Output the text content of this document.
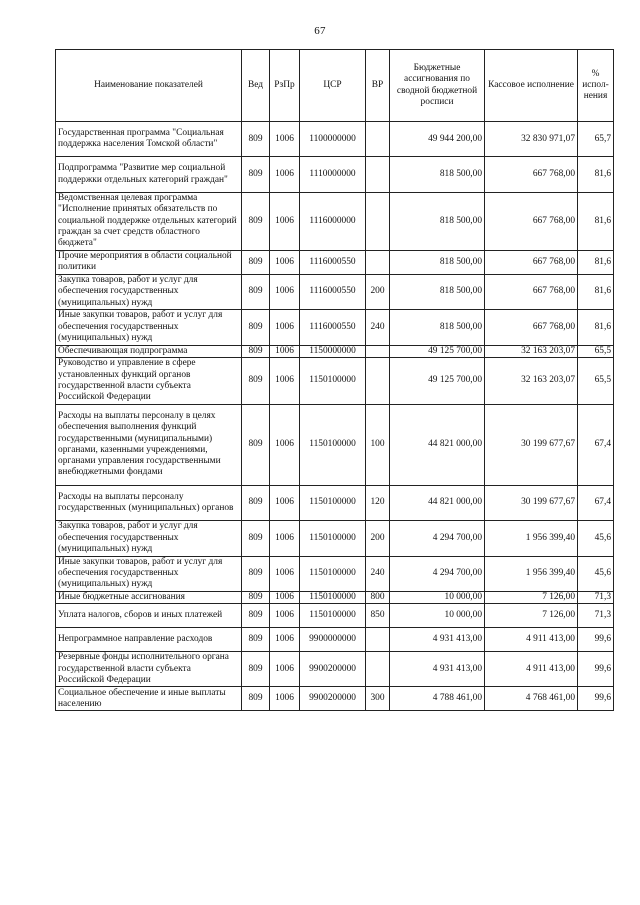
67
Наименование показателей	Вед	РзПр	ЦСР	ВР	Бюджетные ассигнования по сводной бюджетной росписи	Кассовое исполнение	% испол-нения
Государственная программа "Социальная поддержка населения Томской области"	809	1006	1100000000		49 944 200,00	32 830 971,07	65,7
Подпрограмма "Развитие мер социальной поддержки отдельных категорий граждан"	809	1006	1110000000		818 500,00	667 768,00	81,6
Ведомственная целевая программа "Исполнение принятых обязательств по социальной поддержке отдельных категорий граждан за счет средств областного бюджета"	809	1006	1116000000		818 500,00	667 768,00	81,6
Прочие мероприятия в области социальной политики	809	1006	1116000550		818 500,00	667 768,00	81,6
Закупка товаров, работ и услуг для обеспечения государственных (муниципальных) нужд	809	1006	1116000550	200	818 500,00	667 768,00	81,6
Иные закупки товаров, работ и услуг для обеспечения государственных (муниципальных) нужд	809	1006	1116000550	240	818 500,00	667 768,00	81,6
Обеспечивающая подпрограмма	809	1006	1150000000		49 125 700,00	32 163 203,07	65,5
Руководство и управление в сфере установленных функций органов государственной власти субъекта Российской Федерации	809	1006	1150100000		49 125 700,00	32 163 203,07	65,5
Расходы на выплаты персоналу в целях обеспечения выполнения функций государственными (муниципальными) органами, казенными учреждениями, органами управления государственными внебюджетными фондами	809	1006	1150100000	100	44 821 000,00	30 199 677,67	67,4
Расходы на выплаты персоналу государственных (муниципальных) органов	809	1006	1150100000	120	44 821 000,00	30 199 677,67	67,4
Закупка товаров, работ и услуг для обеспечения государственных (муниципальных) нужд	809	1006	1150100000	200	4 294 700,00	1 956 399,40	45,6
Иные закупки товаров, работ и услуг для обеспечения государственных (муниципальных) нужд	809	1006	1150100000	240	4 294 700,00	1 956 399,40	45,6
Иные бюджетные ассигнования	809	1006	1150100000	800	10 000,00	7 126,00	71,3
Уплата налогов, сборов и иных платежей	809	1006	1150100000	850	10 000,00	7 126,00	71,3
Непрограммное направление расходов	809	1006	9900000000		4 931 413,00	4 911 413,00	99,6
Резервные фонды исполнительного органа государственной власти субъекта Российской Федерации	809	1006	9900200000		4 931 413,00	4 911 413,00	99,6
Социальное обеспечение и иные выплаты населению	809	1006	9900200000	300	4 788 461,00	4 768 461,00	99,6
